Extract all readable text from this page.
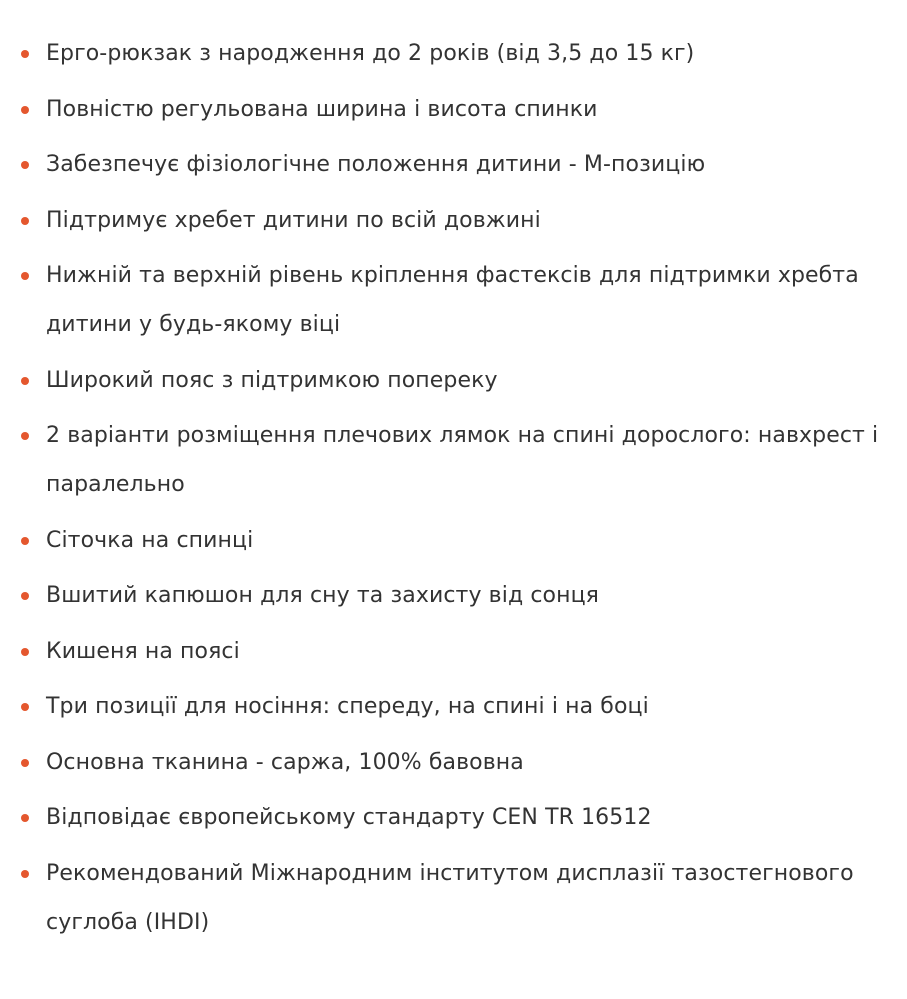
Ерго-рюкзак з народження до 2 років (від 3,5 до 15 кг)
Повністю регульована ширина і висота спинки
Забезпечує фізіологічне положення дитини - М-позицію
Підтримує хребет дитини по всій довжині
Нижній та верхній рівень кріплення фастексів для підтримки хребта дитини у будь-якому віці
Широкий пояс з підтримкою попереку
2 варіанти розміщення плечових лямок на спині дорослого: навхрест і паралельно
Сіточка на спинці
Вшитий капюшон для сну та захисту від сонця
Кишеня на поясі
Три позиції для носіння: спереду, на спині і на боці
Основна тканина - саржа, 100% бавовна
Відповідає європейському стандарту CEN TR 16512
Рекомендований Міжнародним інститутом дисплазії тазостегнового суглоба (IHDI)
